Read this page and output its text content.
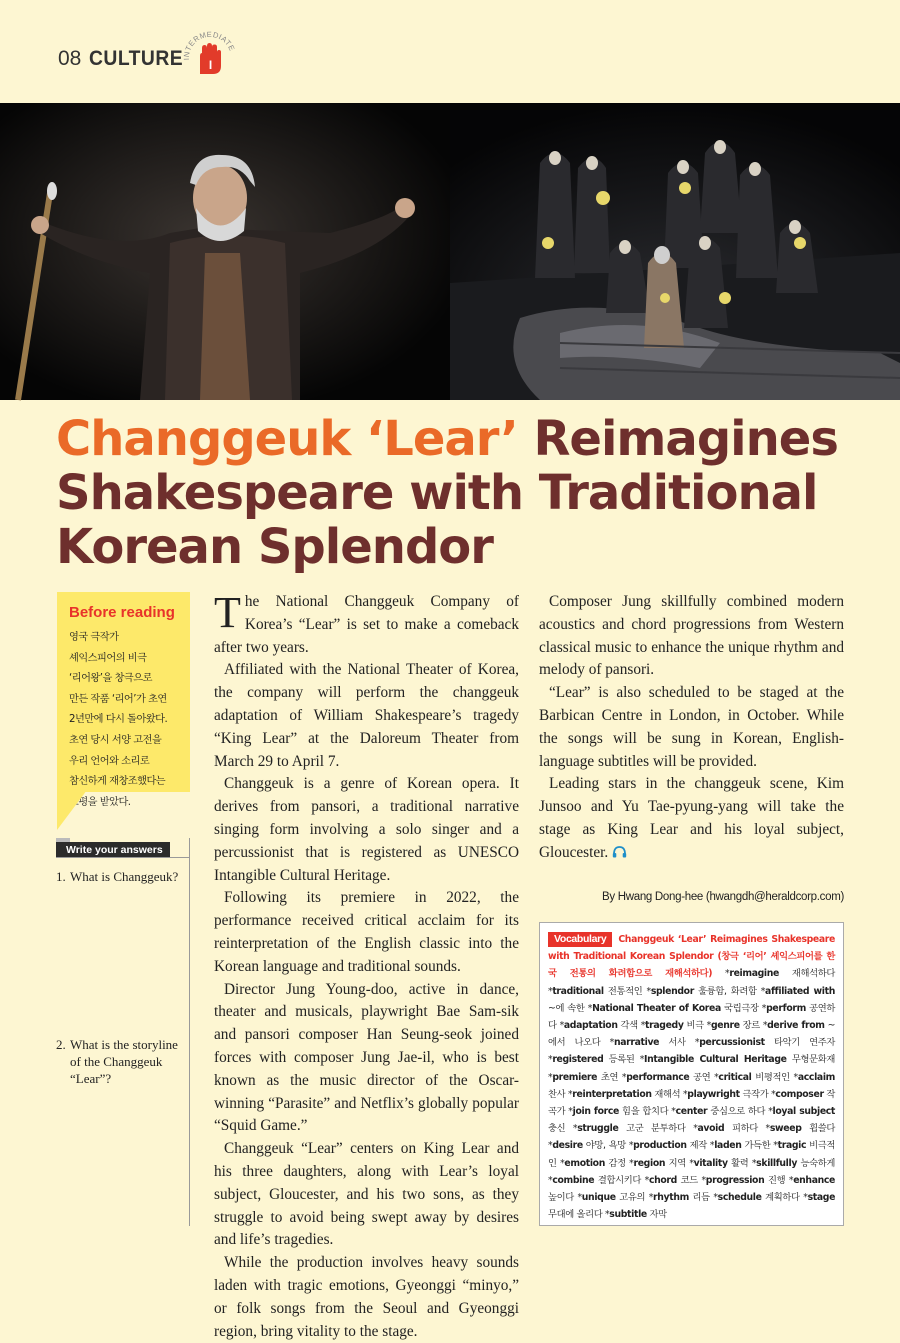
08 CULTURE
INTERMEDIATE
I
Changgeuk ‘Lear’ Reimagines Shakespeare with Traditional Korean Splendor
Before reading

영국 극작가
셰익스피어의 비극
‘리어왕’을 창극으로
만든 작품 ‘리어’가 초연
2년만에 다시 돌아왔다.
초연 당시 서양 고전을
우리 언어와 소리로
참신하게 재창조했다는
호평을 받았다.

Write your answers
1. What is Changgeuk?
2. What is the storyline
of the Changgeuk
“Lear”?

The National Changgeuk Company of Korea’s “Lear” is set to make a comeback after two years.

Affiliated with the National Theater of Korea, the company will perform the changgeuk adaptation of William Shakespeare’s tragedy “King Lear” at the Daloreum Theater from March 29 to April 7.

Changgeuk is a genre of Korean opera. It derives from pansori, a traditional narrative singing form involving a solo singer and a percussionist that is registered as UNESCO Intangible Cultural Heritage.

Following its premiere in 2022, the performance received critical acclaim for its reinterpretation of the English classic into the Korean language and traditional sounds.

Director Jung Young-doo, active in dance, theater and musicals, playwright Bae Sam-sik and pansori composer Han Seung-seok joined forces with composer Jung Jae-il, who is best known as the music director of the Oscar-winning “Parasite” and Netflix’s globally popular “Squid Game.”

Changgeuk “Lear” centers on King Lear and his three daughters, along with Lear’s loyal subject, Gloucester, and his two sons, as they struggle to avoid being swept away by desires and life’s tragedies.

While the production involves heavy sounds laden with tragic emotions, Gyeonggi “minyo,” or folk songs from the Seoul and Gyeonggi region, bring vitality to the stage.

Composer Jung skillfully combined modern acoustics and chord progressions from Western classical music to enhance the unique rhythm and melody of pansori.

“Lear” is also scheduled to be staged at the Barbican Centre in London, in October. While the songs will be sung in Korean, English-language subtitles will be provided.

Leading stars in the changgeuk scene, Kim Junsoo and Yu Tae-pyung-yang will take the stage as King Lear and his loyal subject, Gloucester.

By Hwang Dong-hee (hwangdh@heraldcorp.com)
Vocabulary Changgeuk ‘Lear’ Reimagines Shakespeare with Traditional Korean Splendor (창극 ‘리어’ 셰익스피어를 한국 전통의 화려함으로 재해석하다) *reimagine 재해석하다 *traditional 전통적인 *splendor 훌륭함, 화려함 *affiliated with ~에 속한 *National Theater of Korea 국립극장 *perform 공연하다 *adaptation 각색 *tragedy 비극 *genre 장르 *derive from ~에서 나오다 *narrative 서사 *percussionist 타악기 연주자 *registered 등록된 *Intangible Cultural Heritage 무형문화재 *premiere 초연 *performance 공연 *critical 비평적인 *acclaim 찬사 *reinterpretation 재해석 *playwright 극작가 *composer 작곡가 *join force 힘을 합치다 *center 중심으로 하다 *loyal subject 충신 *struggle 고군 분투하다 *avoid 피하다 *sweep 휩쓸다 *desire 야망, 욕망 *production 제작 *laden 가득한 *tragic 비극적인 *emotion 감정 *region 지역 *vitality 활력 *skillfully 능숙하게 *combine 결합시키다 *chord 코드 *progression 진행 *enhance 높이다 *unique 고유의 *rhythm 리듬 *schedule 계획하다 *stage 무대에 올리다 *subtitle 자막
